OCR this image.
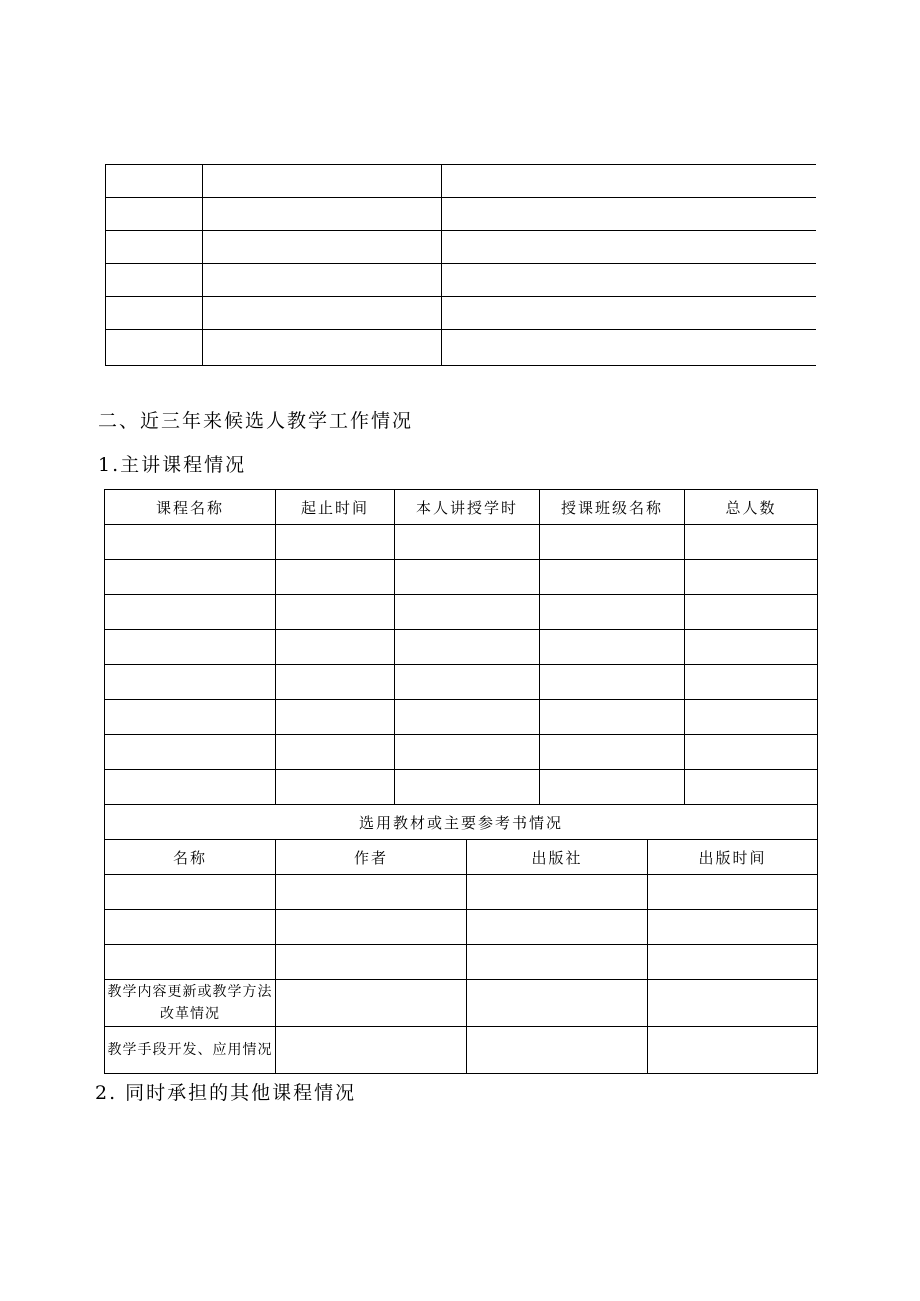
二、近三年来候选人教学工作情况
1.主讲课程情况
课程名称	起止时间	本人讲授学时		授课班级名称		总人数

选用教材或主要参考书情况						
名称	作者		出版社		出版时间	

教学内容更新或教学方法改革情况						
教学手段开发、应用情况						
2. 同时承担的其他课程情况
